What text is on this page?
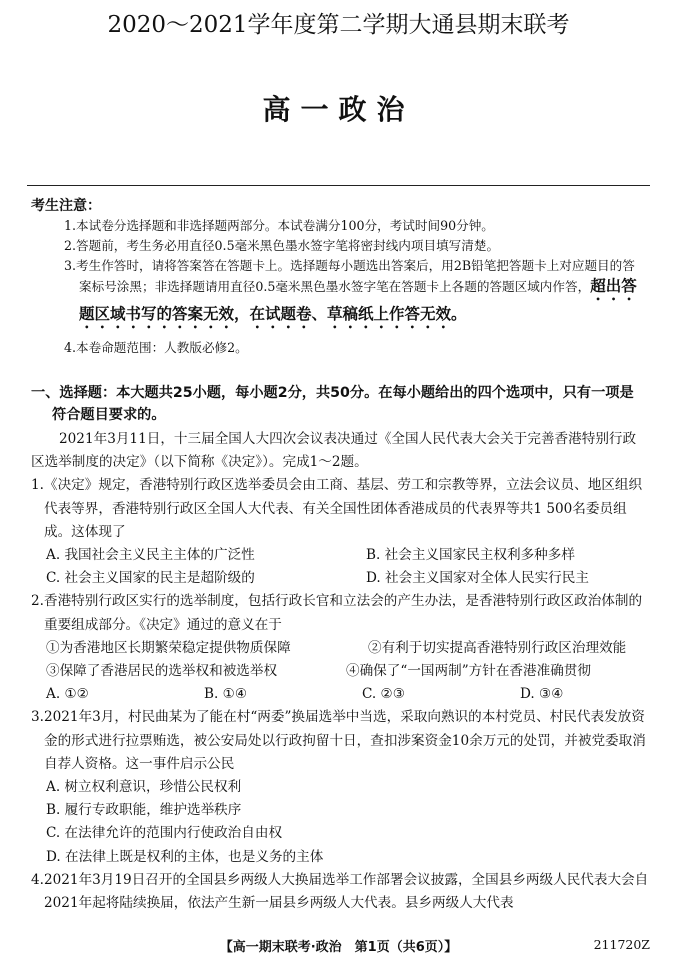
2020～2021学年度第二学期大通县期末联考
高一政治
考生注意：

1.本试卷分选择题和非选择题两部分。本试卷满分100分，考试时间90分钟。

2.答题前，考生务必用直径0.5毫米黑色墨水签字笔将密封线内项目填写清楚。

3.考生作答时，请将答案答在答题卡上。选择题每小题选出答案后，用2B铅笔把答题卡上对应题目的答案标号涂黑；非选择题请用直径0.5毫米黑色墨水签字笔在答题卡上各题的答题区域内作答，超出答题区域书写的答案无效，在试题卷、草稿纸上作答无效。

4.本卷命题范围：人教版必修2。

一、选择题：本大题共25小题，每小题2分，共50分。在每小题给出的四个选项中，只有一项是
符合题目要求的。

2021年3月11日，十三届全国人大四次会议表决通过《全国人民代表大会关于完善香港特别行政区选举制度的决定》（以下简称《决定》）。完成1～2题。

1.《决定》规定，香港特别行政区选举委员会由工商、基层、劳工和宗教等界，立法会议员、地区组织代表等界，香港特别行政区全国人大代表、有关全国性团体香港成员的代表界等共1 500名委员组成。这体现了

A. 我国社会主义民主主体的广泛性	B. 社会主义国家民主权利多种多样
C. 社会主义国家的民主是超阶级的	D. 社会主义国家对全体人民实行民主

2.香港特别行政区实行的选举制度，包括行政长官和立法会的产生办法，是香港特别行政区政治体制的重要组成部分。《决定》通过的意义在于

①为香港地区长期繁荣稳定提供物质保障	②有利于切实提高香港特别行政区治理效能
③保障了香港居民的选举权和被选举权	④确保了“一国两制”方针在香港准确贯彻
A. ①②	B. ①④	C. ②③	D. ③④

3.2021年3月，村民曲某为了能在村“两委”换届选举中当选，采取向熟识的本村党员、村民代表发放资金的形式进行拉票贿选，被公安局处以行政拘留十日，查扣涉案资金10余万元的处罚，并被党委取消自荐人资格。这一事件启示公民

A. 树立权利意识，珍惜公民权利

B. 履行专政职能，维护选举秩序

C. 在法律允许的范围内行使政治自由权

D. 在法律上既是权利的主体，也是义务的主体

4.2021年3月19日召开的全国县乡两级人大换届选举工作部署会议披露，全国县乡两级人民代表大会自2021年起将陆续换届，依法产生新一届县乡两级人大代表。县乡两级人大代表

【高一期末联考·政治　第1页（共6页）】	211720Z
